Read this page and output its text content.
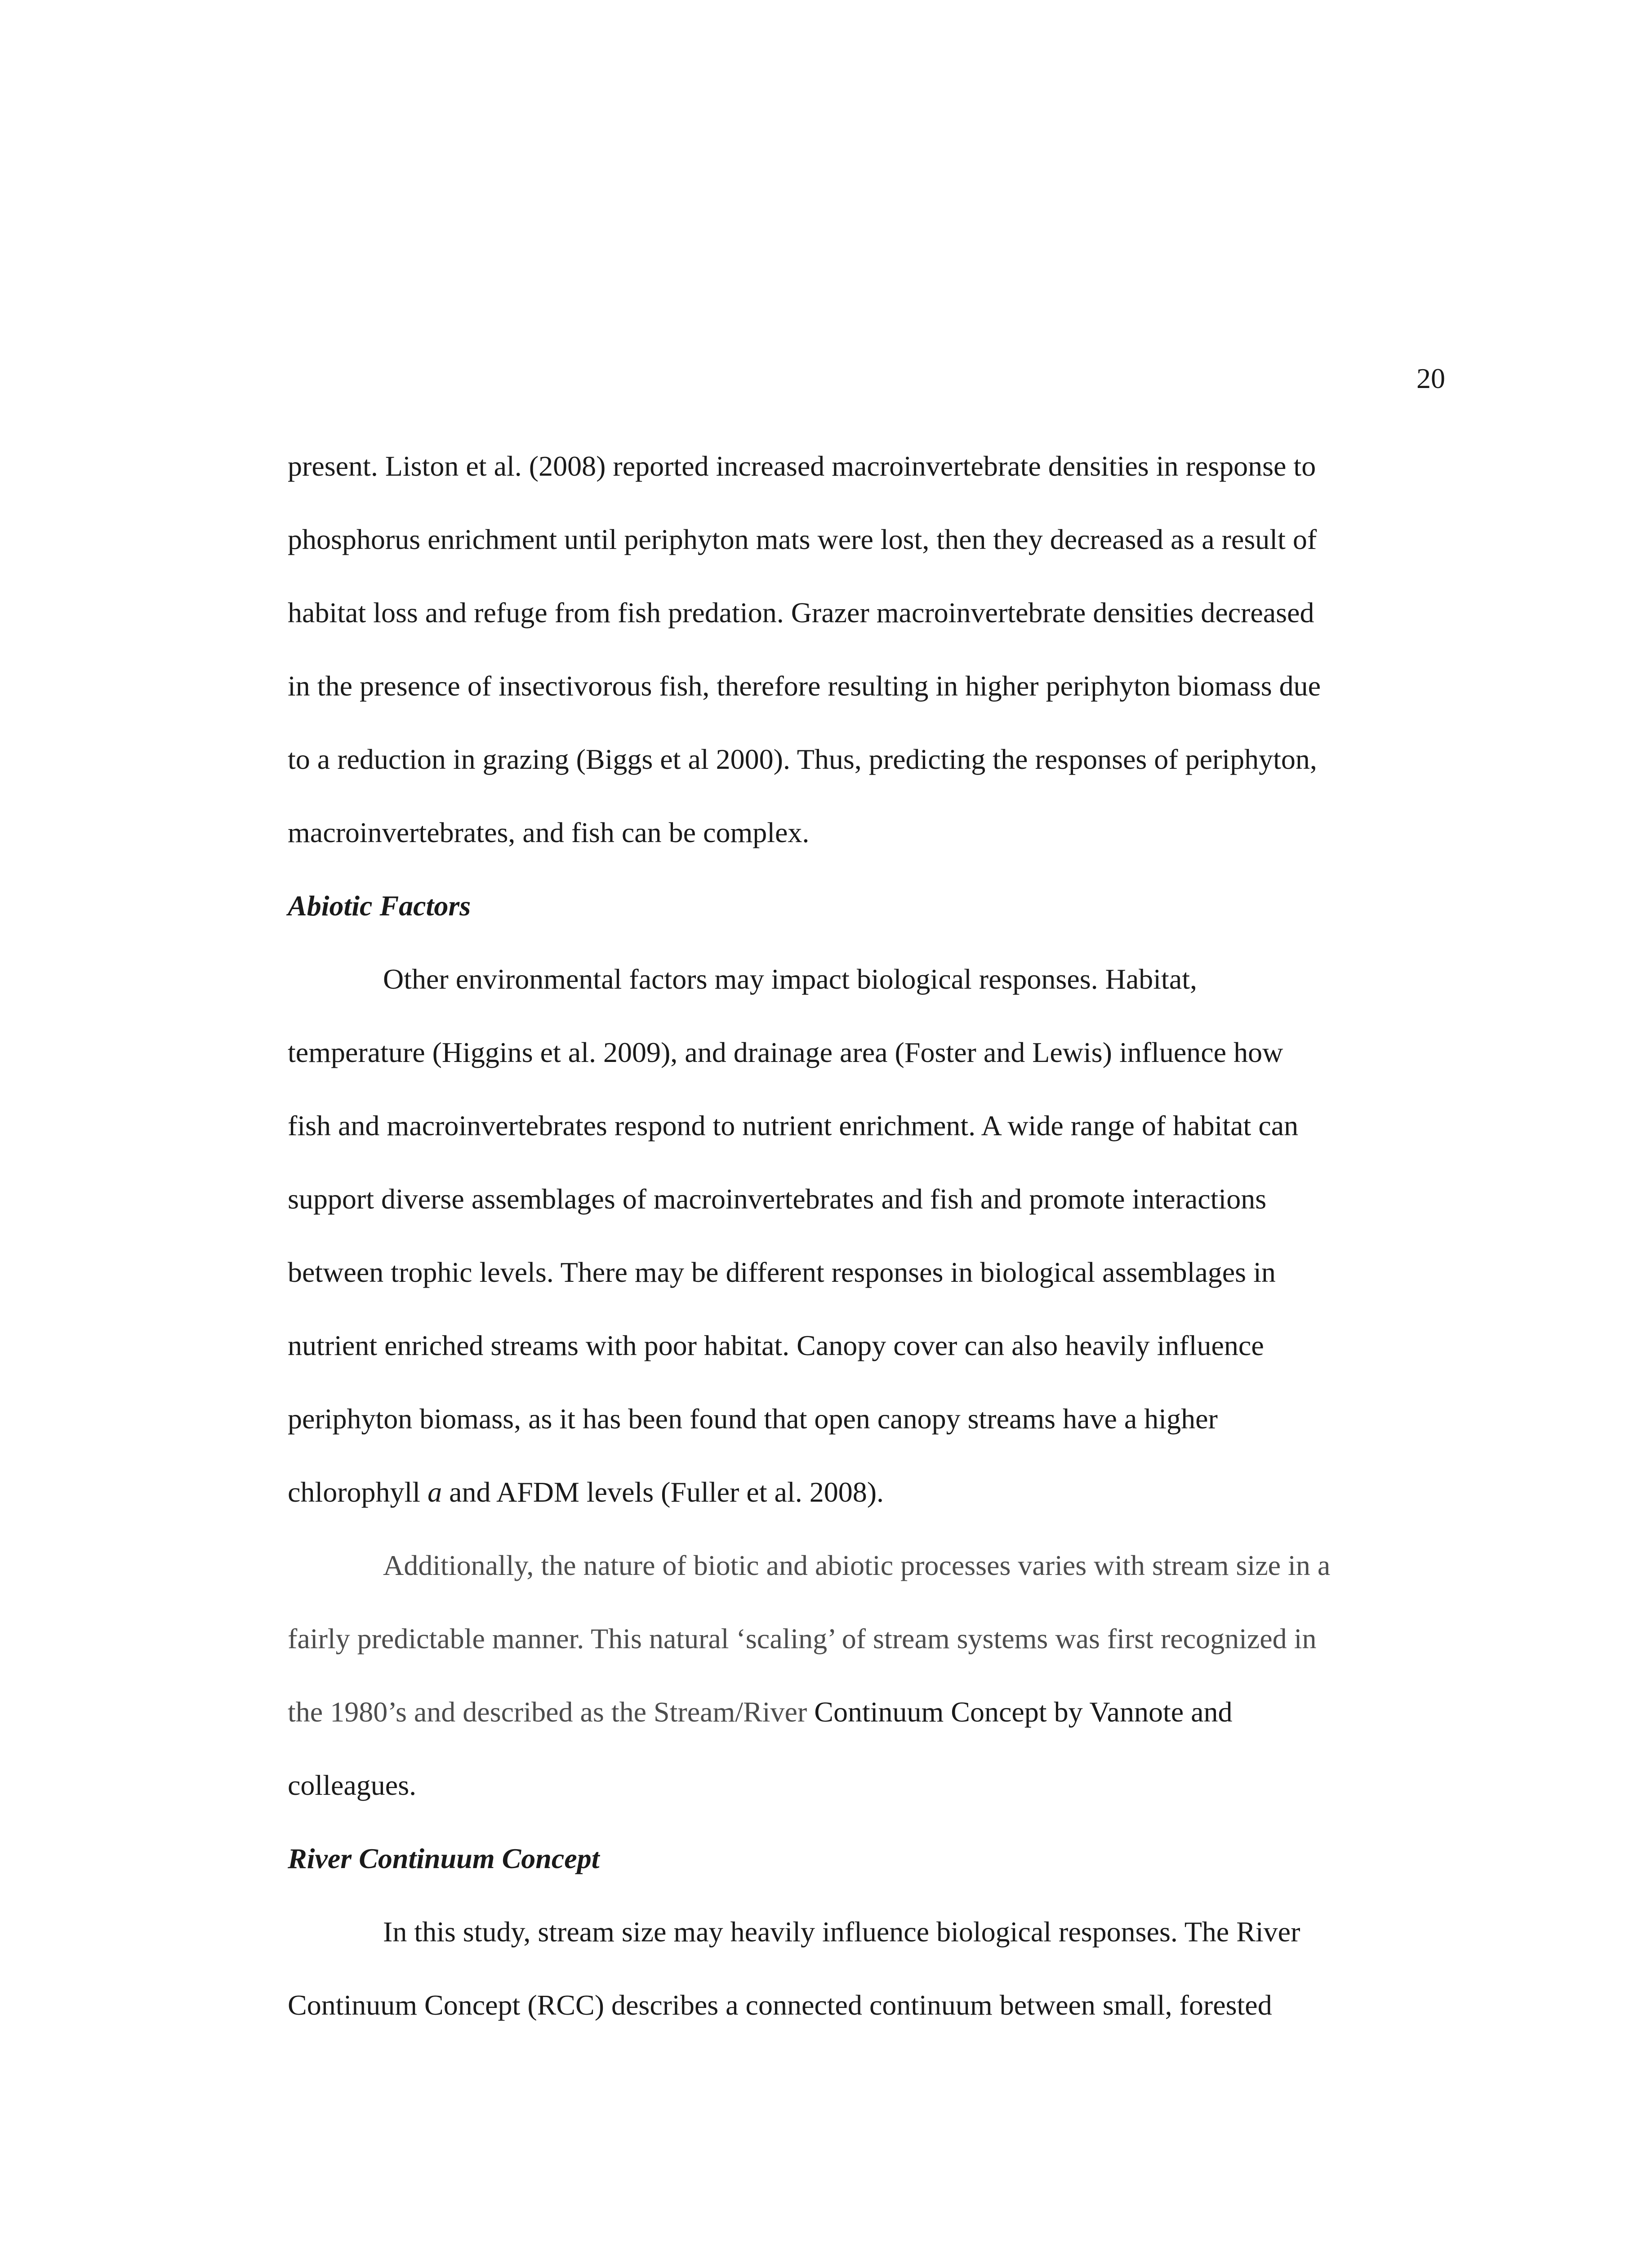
20
present. Liston et al. (2008) reported increased macroinvertebrate densities in response to
phosphorus enrichment until periphyton mats were lost, then they decreased as a result of
habitat loss and refuge from fish predation. Grazer macroinvertebrate densities decreased
in the presence of insectivorous fish, therefore resulting in higher periphyton biomass due
to a reduction in grazing (Biggs et al 2000). Thus, predicting the responses of periphyton,
macroinvertebrates, and fish can be complex.
Abiotic Factors
Other environmental factors may impact biological responses. Habitat,
temperature (Higgins et al. 2009), and drainage area (Foster and Lewis) influence how
fish and macroinvertebrates respond to nutrient enrichment. A wide range of habitat can
support diverse assemblages of macroinvertebrates and fish and promote interactions
between trophic levels. There may be different responses in biological assemblages in
nutrient enriched streams with poor habitat. Canopy cover can also heavily influence
periphyton biomass, as it has been found that open canopy streams have a higher
chlorophyll a and AFDM levels (Fuller et al. 2008).
Additionally, the nature of biotic and abiotic processes varies with stream size in a
fairly predictable manner. This natural ‘scaling’ of stream systems was first recognized in
the 1980’s and described as the Stream/River Continuum Concept by Vannote and
colleagues.
River Continuum Concept
In this study, stream size may heavily influence biological responses. The River
Continuum Concept (RCC) describes a connected continuum between small, forested
